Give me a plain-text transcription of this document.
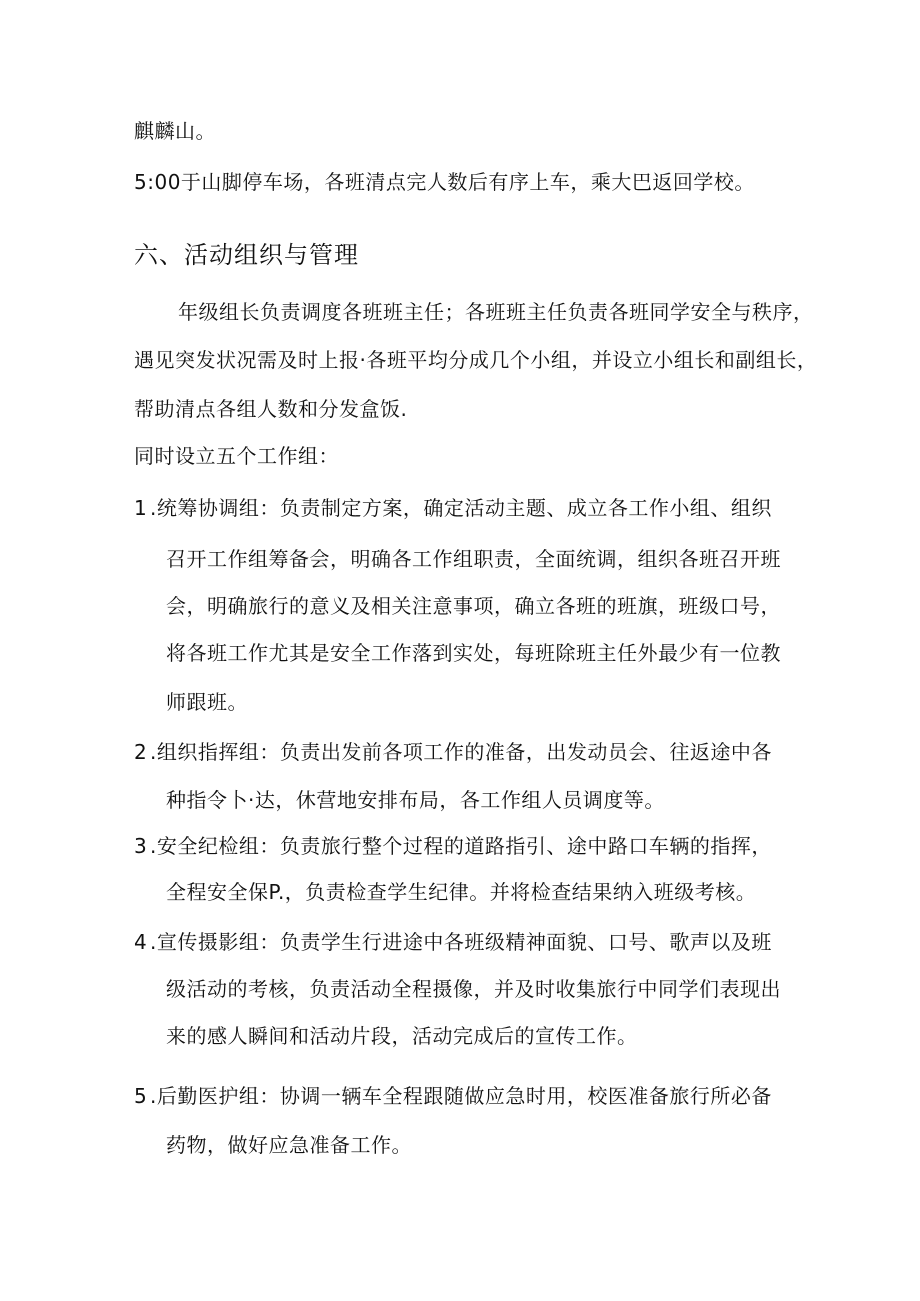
麒麟山。
5:00于山脚停车场，各班清点完人数后有序上车，乘大巴返回学校。
六、活动组织与管理
年级组长负责调度各班班主任；各班班主任负责各班同学安全与秩序，
遇见突发状况需及时上报·各班平均分成几个小组，并设立小组长和副组长，
帮助清点各组人数和分发盒饭.
同时设立五个工作组：
1 .统筹协调组：负责制定方案，确定活动主题、成立各工作小组、组织
召开工作组筹备会，明确各工作组职责，全面统调，组织各班召开班
会，明确旅行的意义及相关注意事项，确立各班的班旗，班级口号，
将各班工作尤其是安全工作落到实处，每班除班主任外最少有一位教
师跟班。
2 .组织指挥组：负责出发前各项工作的准备，出发动员会、往返途中各
种指令卜·达，休营地安排布局，各工作组人员调度等。
3 .安全纪检组：负责旅行整个过程的道路指引、途中路口车辆的指挥，
全程安全保P.，负责检查学生纪律。并将检查结果纳入班级考核。
4 .宣传摄影组：负责学生行进途中各班级精神面貌、口号、歌声以及班
级活动的考核，负责活动全程摄像，并及时收集旅行中同学们表现出
来的感人瞬间和活动片段，活动完成后的宣传工作。
5 .后勤医护组：协调一辆车全程跟随做应急时用，校医准备旅行所必备
药物，做好应急准备工作。
